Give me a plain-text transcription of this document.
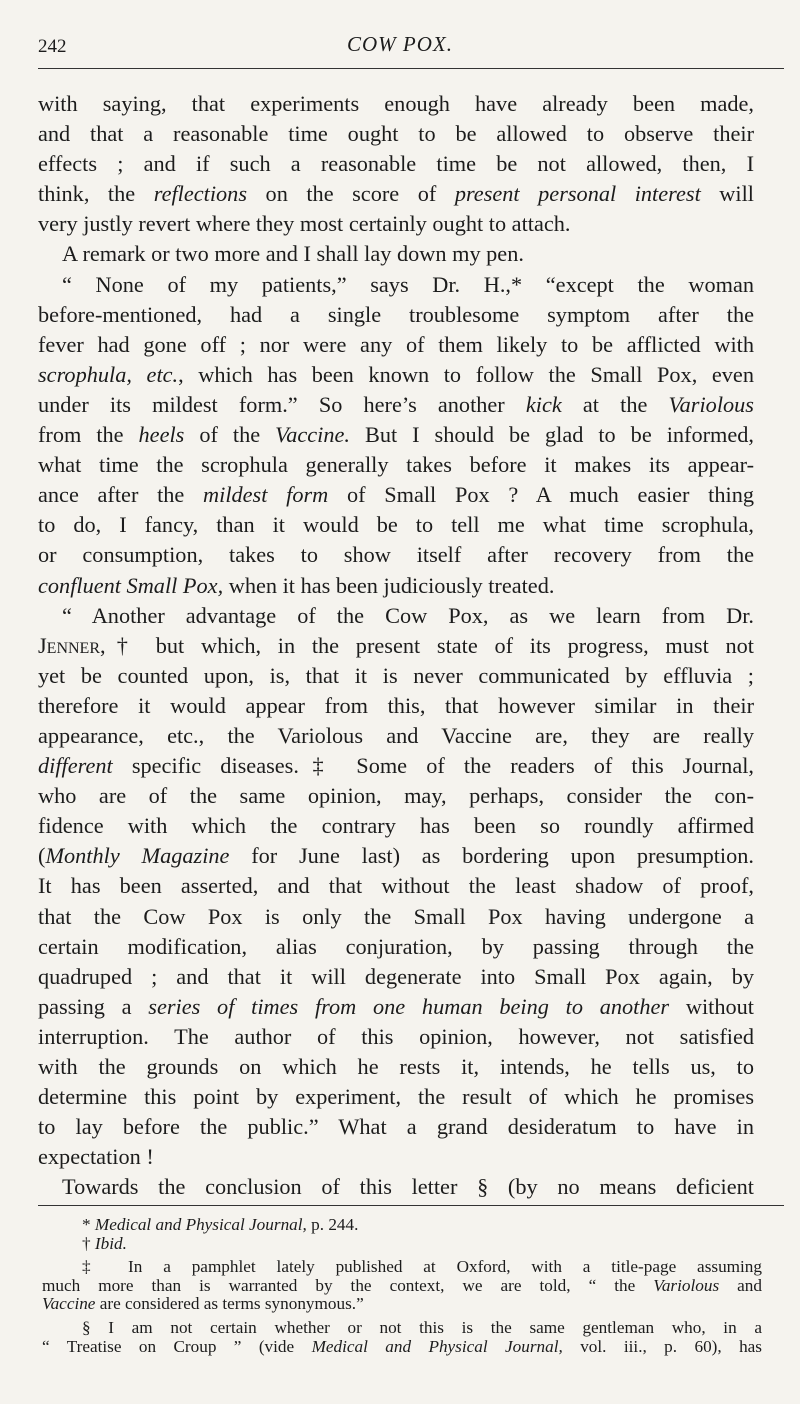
242	COW POX.
with saying, that experiments enough have already been made,
and that a reasonable time ought to be allowed to observe their
effects ; and if such a reasonable time be not allowed, then, I
think, the reflections on the score of present personal interest will
very justly revert where they most certainly ought to attach.
A remark or two more and I shall lay down my pen.
“ None of my patients,” says Dr. H.,* “except the woman
before-mentioned, had a single troublesome symptom after the
fever had gone off ; nor were any of them likely to be afflicted with
scrophula, etc., which has been known to follow the Small Pox, even
under its mildest form.” So here’s another kick at the Variolous
from the heels of the Vaccine. But I should be glad to be informed,
what time the scrophula generally takes before it makes its appear-
ance after the mildest form of Small Pox ? A much easier thing
to do, I fancy, than it would be to tell me what time scrophula,
or consumption, takes to show itself after recovery from the
confluent Small Pox, when it has been judiciously treated.
“ Another advantage of the Cow Pox, as we learn from Dr.
Jenner,† but which, in the present state of its progress, must not
yet be counted upon, is, that it is never communicated by effluvia ;
therefore it would appear from this, that however similar in their
appearance, etc., the Variolous and Vaccine are, they are really
different specific diseases.‡ Some of the readers of this Journal,
who are of the same opinion, may, perhaps, consider the con-
fidence with which the contrary has been so roundly affirmed
(Monthly Magazine for June last) as bordering upon presumption.
It has been asserted, and that without the least shadow of proof,
that the Cow Pox is only the Small Pox having undergone a
certain modification, alias conjuration, by passing through the
quadruped ; and that it will degenerate into Small Pox again, by
passing a series of times from one human being to another without
interruption. The author of this opinion, however, not satisfied
with the grounds on which he rests it, intends, he tells us, to
determine this point by experiment, the result of which he promises
to lay before the public.” What a grand desideratum to have in
expectation !
Towards the conclusion of this letter § (by no means deficient
* Medical and Physical Journal, p. 244.
† Ibid.
‡ In a pamphlet lately published at Oxford, with a title-page assuming
much more than is warranted by the context, we are told, “ the Variolous and
Vaccine are considered as terms synonymous.”
§ I am not certain whether or not this is the same gentleman who, in a
“ Treatise on Croup ” (vide Medical and Physical Journal, vol. iii., p. 60), has
